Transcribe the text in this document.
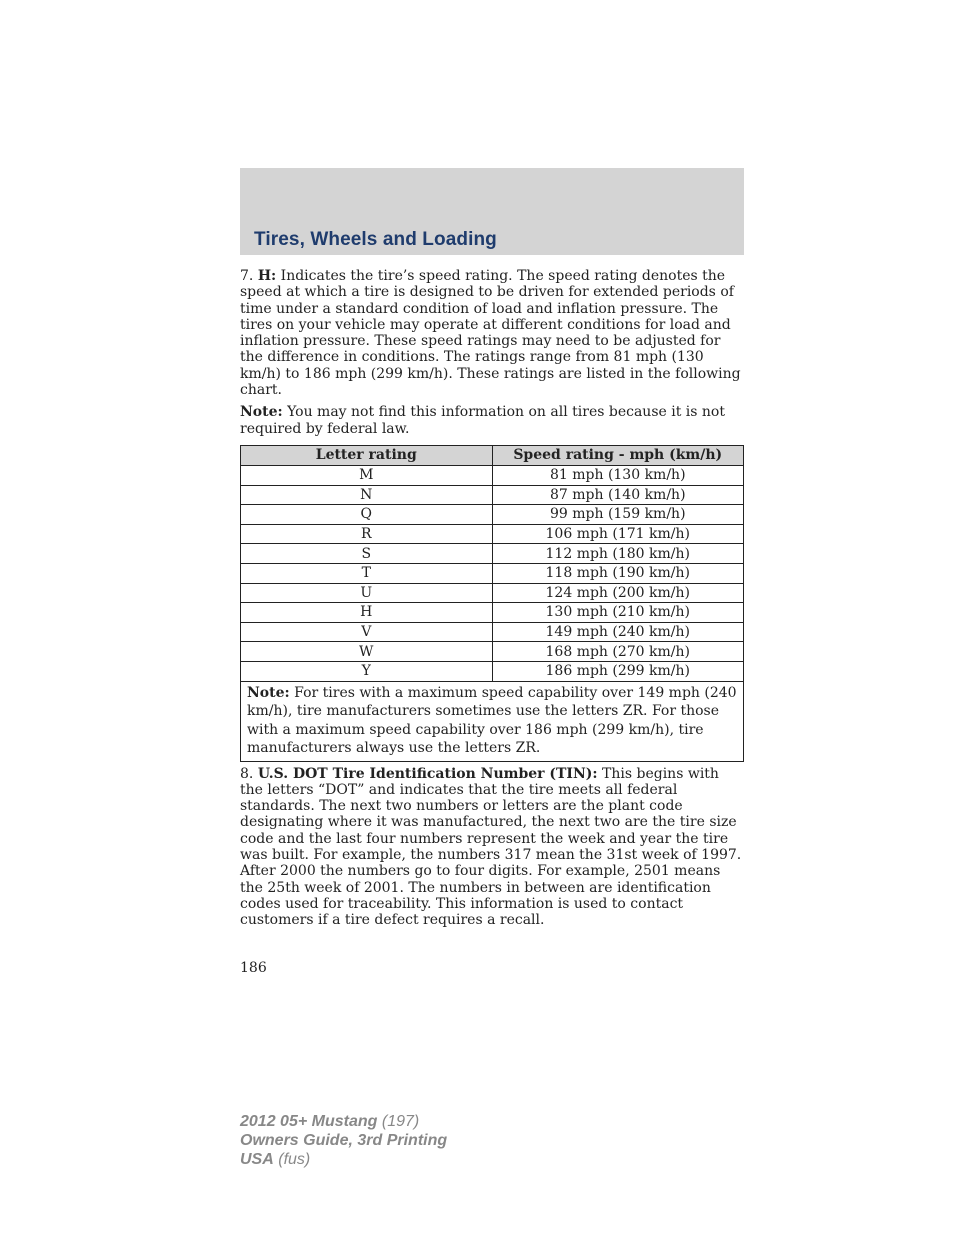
Tires, Wheels and Loading

7. H: Indicates the tire’s speed rating. The speed rating denotes the speed at which a tire is designed to be driven for extended periods of time under a standard condition of load and inflation pressure. The tires on your vehicle may operate at different conditions for load and inflation pressure. These speed ratings may need to be adjusted for the difference in conditions. The ratings range from 81 mph (130 km/h) to 186 mph (299 km/h). These ratings are listed in the following chart.

Note: You may not find this information on all tires because it is not required by federal law.

Letter rating	Speed rating - mph (km/h)
M	81 mph (130 km/h)
N	87 mph (140 km/h)
Q	99 mph (159 km/h)
R	106 mph (171 km/h)
S	112 mph (180 km/h)
T	118 mph (190 km/h)
U	124 mph (200 km/h)
H	130 mph (210 km/h)
V	149 mph (240 km/h)
W	168 mph (270 km/h)
Y	186 mph (299 km/h)
Note: For tires with a maximum speed capability over 149 mph (240 km/h), tire manufacturers sometimes use the letters ZR. For those with a maximum speed capability over 186 mph (299 km/h), tire manufacturers always use the letters ZR.	

8. U.S. DOT Tire Identification Number (TIN): This begins with the letters “DOT” and indicates that the tire meets all federal standards. The next two numbers or letters are the plant code designating where it was manufactured, the next two are the tire size code and the last four numbers represent the week and year the tire was built. For example, the numbers 317 mean the 31st week of 1997. After 2000 the numbers go to four digits. For example, 2501 means the 25th week of 2001. The numbers in between are identification codes used for traceability. This information is used to contact customers if a tire defect requires a recall.

186
2012 05+ Mustang (197)
Owners Guide, 3rd Printing
USA (fus)
